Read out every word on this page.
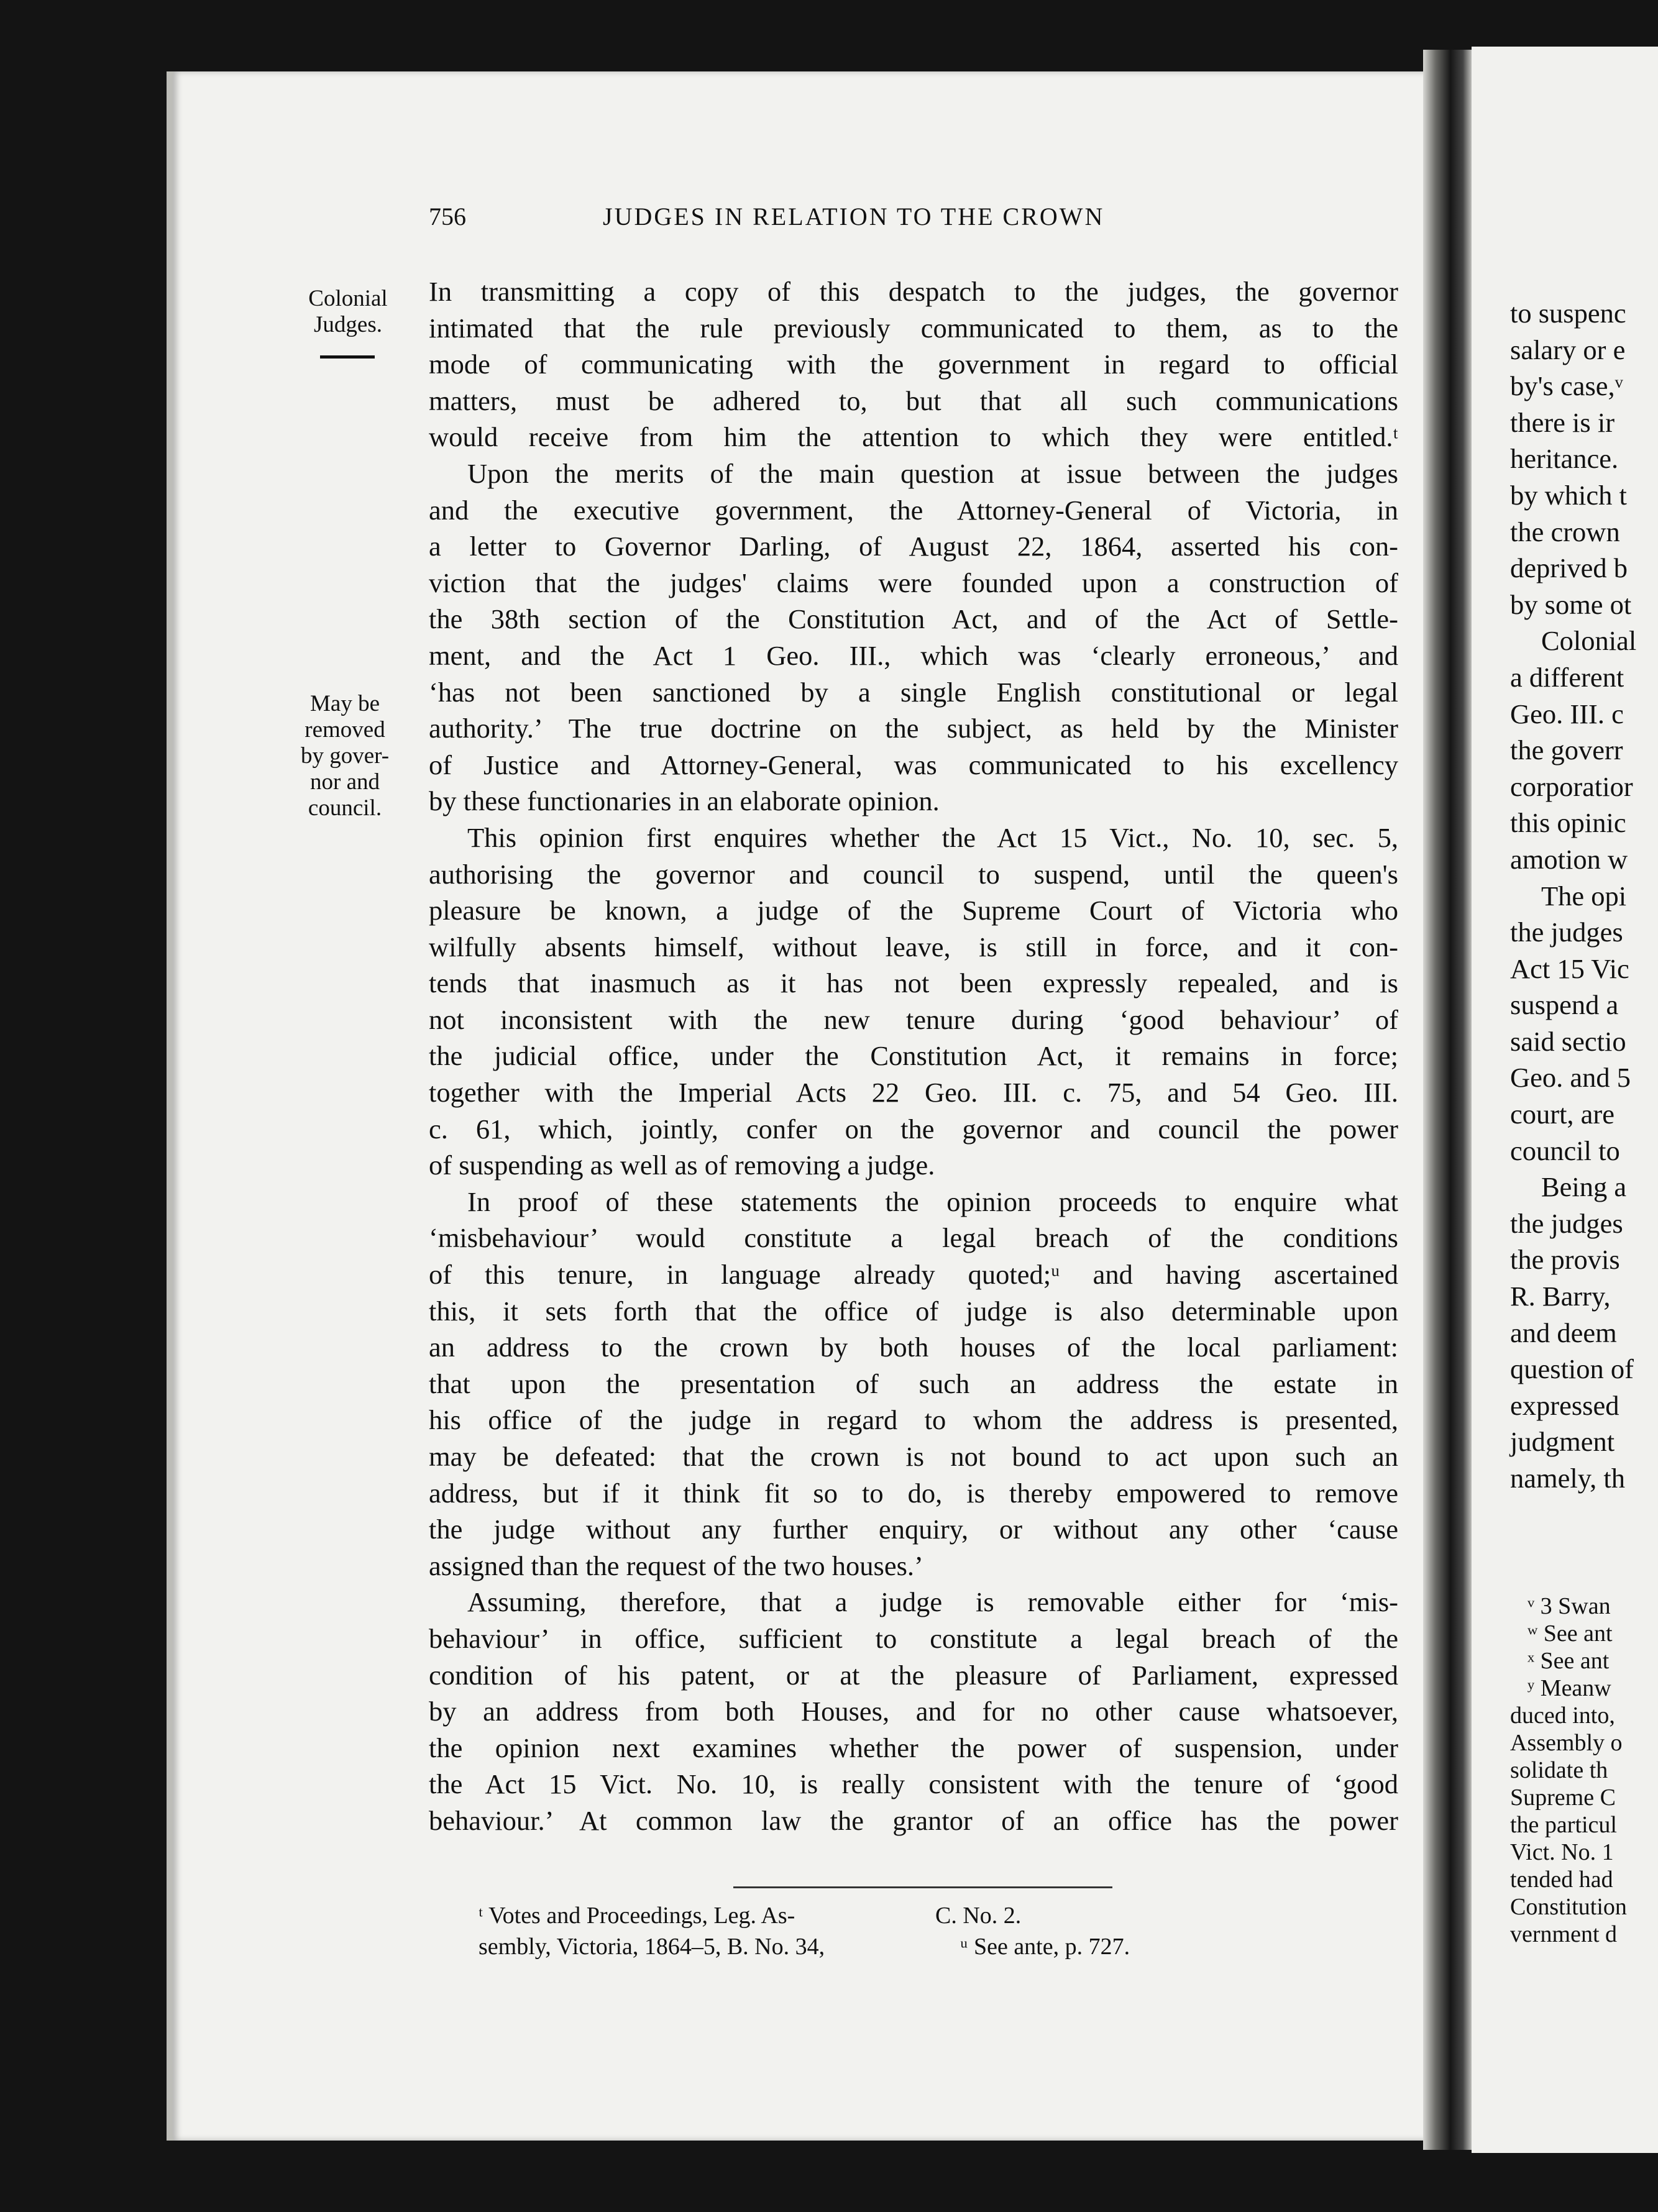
to suspenc
salary or e
by's case,ᵛ
there is ir
heritance.
by which t
the crown
deprived b
by some ot
Colonial
a different
Geo. III. c
the goverr
corporatior
this opinic
amotion w
The opi
the judges
Act 15 Vic
suspend a
said sectio
Geo. and 5
court, are
council to
Being a
the judges
the provis
R. Barry,
and deem
question of
expressed
judgment
namely, th
ᵛ 3 Swan
ʷ See ant
ˣ See ant
ʸ Meanw
duced into,
Assembly o
solidate th
Supreme C
the particul
Vict. No. 1
tended had
Constitution
vernment d
756	JUDGES IN RELATION TO THE CROWN
Colonial
Judges.
May be
removed
by gover-
nor and
council.
In transmitting a copy of this despatch to the judges, the governor
intimated that the rule previously communicated to them, as to the
mode of communicating with the government in regard to official
matters, must be adhered to, but that all such communications
would receive from him the attention to which they were entitled.ᵗ
Upon the merits of the main question at issue between the judges
and the executive government, the Attorney-General of Victoria, in
a letter to Governor Darling, of August 22, 1864, asserted his con-
viction that the judges' claims were founded upon a construction of
the 38th section of the Constitution Act, and of the Act of Settle-
ment, and the Act 1 Geo. III., which was ‘clearly erroneous,’ and
‘has not been sanctioned by a single English constitutional or legal
authority.’ The true doctrine on the subject, as held by the Minister
of Justice and Attorney-General, was communicated to his excellency
by these functionaries in an elaborate opinion.
This opinion first enquires whether the Act 15 Vict., No. 10, sec. 5,
authorising the governor and council to suspend, until the queen's
pleasure be known, a judge of the Supreme Court of Victoria who
wilfully absents himself, without leave, is still in force, and it con-
tends that inasmuch as it has not been expressly repealed, and is
not inconsistent with the new tenure during ‘good behaviour’ of
the judicial office, under the Constitution Act, it remains in force;
together with the Imperial Acts 22 Geo. III. c. 75, and 54 Geo. III.
c. 61, which, jointly, confer on the governor and council the power
of suspending as well as of removing a judge.
In proof of these statements the opinion proceeds to enquire what
‘misbehaviour’ would constitute a legal breach of the conditions
of this tenure, in language already quoted;ᵘ and having ascertained
this, it sets forth that the office of judge is also determinable upon
an address to the crown by both houses of the local parliament:
that upon the presentation of such an address the estate in
his office of the judge in regard to whom the address is presented,
may be defeated: that the crown is not bound to act upon such an
address, but if it think fit so to do, is thereby empowered to remove
the judge without any further enquiry, or without any other ‘cause
assigned than the request of the two houses.’
Assuming, therefore, that a judge is removable either for ‘mis-
behaviour’ in office, sufficient to constitute a legal breach of the
condition of his patent, or at the pleasure of Parliament, expressed
by an address from both Houses, and for no other cause whatsoever,
the opinion next examines whether the power of suspension, under
the Act 15 Vict. No. 10, is really consistent with the tenure of ‘good
behaviour.’ At common law the grantor of an office has the power
ᵗ Votes and Proceedings, Leg. As-
sembly, Victoria, 1864–5, B. No. 34,
C. No. 2.
ᵘ See ante, p. 727.
